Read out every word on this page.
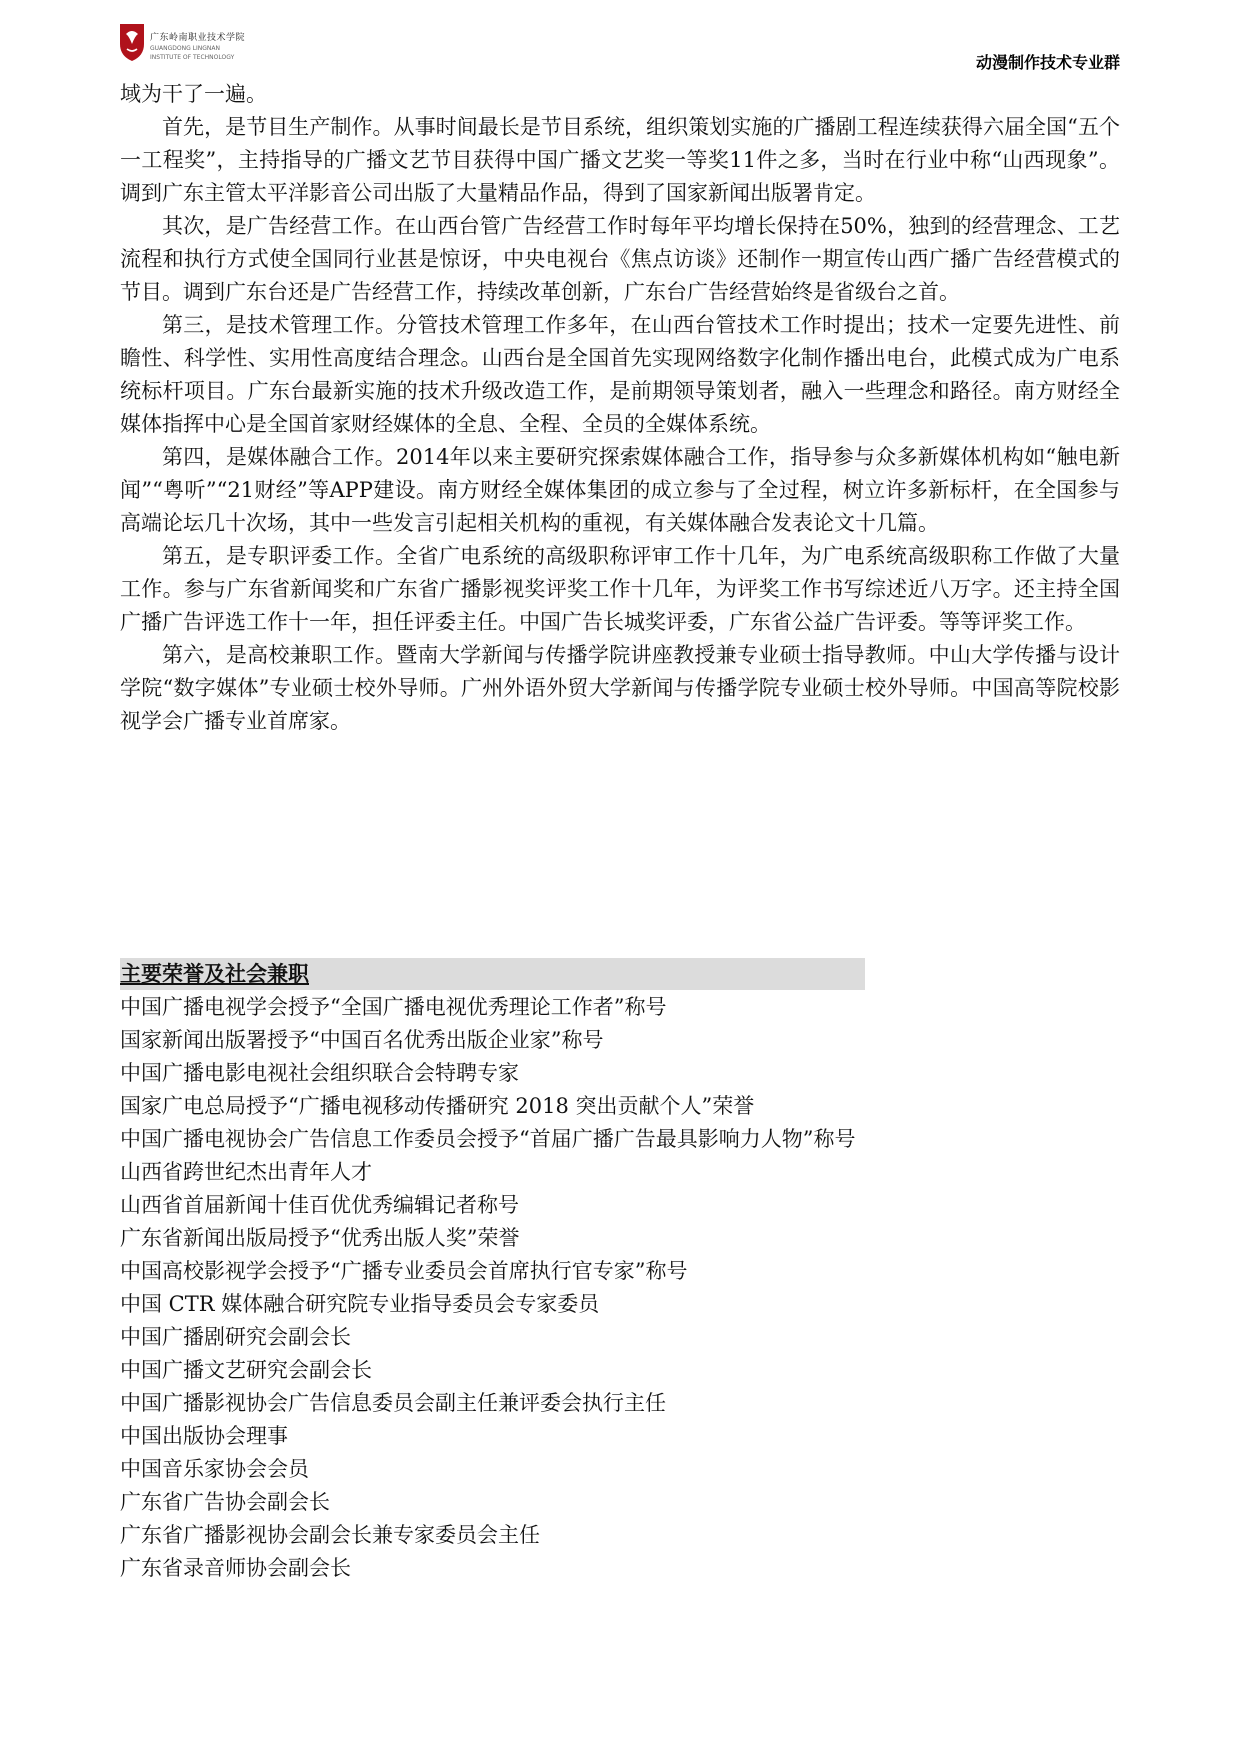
广东岭南职业技术学院
GUANGDONG LINGNAN
INSTITUTE OF TECHNOLOGY	动漫制作技术专业群

域为干了一遍。

首先，是节目生产制作。从事时间最长是节目系统，组织策划实施的广播剧工程连续获得六届全国“五个一工程奖”，主持指导的广播文艺节目获得中国广播文艺奖一等奖11件之多，当时在行业中称“山西现象”。调到广东主管太平洋影音公司出版了大量精品作品，得到了国家新闻出版署肯定。

其次，是广告经营工作。在山西台管广告经营工作时每年平均增长保持在50%，独到的经营理念、工艺流程和执行方式使全国同行业甚是惊讶，中央电视台《焦点访谈》还制作一期宣传山西广播广告经营模式的节目。调到广东台还是广告经营工作，持续改革创新，广东台广告经营始终是省级台之首。

第三，是技术管理工作。分管技术管理工作多年，在山西台管技术工作时提出；技术一定要先进性、前瞻性、科学性、实用性高度结合理念。山西台是全国首先实现网络数字化制作播出电台，此模式成为广电系统标杆项目。广东台最新实施的技术升级改造工作，是前期领导策划者，融入一些理念和路径。南方财经全媒体指挥中心是全国首家财经媒体的全息、全程、全员的全媒体系统。

第四，是媒体融合工作。2014年以来主要研究探索媒体融合工作，指导参与众多新媒体机构如“触电新闻”“粤听”“21财经”等APP建设。南方财经全媒体集团的成立参与了全过程，树立许多新标杆，在全国参与高端论坛几十次场，其中一些发言引起相关机构的重视，有关媒体融合发表论文十几篇。

第五，是专职评委工作。全省广电系统的高级职称评审工作十几年，为广电系统高级职称工作做了大量工作。参与广东省新闻奖和广东省广播影视奖评奖工作十几年，为评奖工作书写综述近八万字。还主持全国广播广告评选工作十一年，担任评委主任。中国广告长城奖评委，广东省公益广告评委。等等评奖工作。

第六，是高校兼职工作。暨南大学新闻与传播学院讲座教授兼专业硕士指导教师。中山大学传播与设计学院“数字媒体”专业硕士校外导师。广州外语外贸大学新闻与传播学院专业硕士校外导师。中国高等院校影视学会广播专业首席家。

主要荣誉及社会兼职
中国广播电视学会授予“全国广播电视优秀理论工作者”称号
国家新闻出版署授予“中国百名优秀出版企业家”称号
中国广播电影电视社会组织联合会特聘专家
国家广电总局授予“广播电视移动传播研究 2018 突出贡献个人”荣誉
中国广播电视协会广告信息工作委员会授予“首届广播广告最具影响力人物”称号
山西省跨世纪杰出青年人才
山西省首届新闻十佳百优优秀编辑记者称号
广东省新闻出版局授予“优秀出版人奖”荣誉
中国高校影视学会授予“广播专业委员会首席执行官专家”称号
中国 CTR 媒体融合研究院专业指导委员会专家委员
中国广播剧研究会副会长
中国广播文艺研究会副会长
中国广播影视协会广告信息委员会副主任兼评委会执行主任
中国出版协会理事
中国音乐家协会会员
广东省广告协会副会长
广东省广播影视协会副会长兼专家委员会主任
广东省录音师协会副会长
